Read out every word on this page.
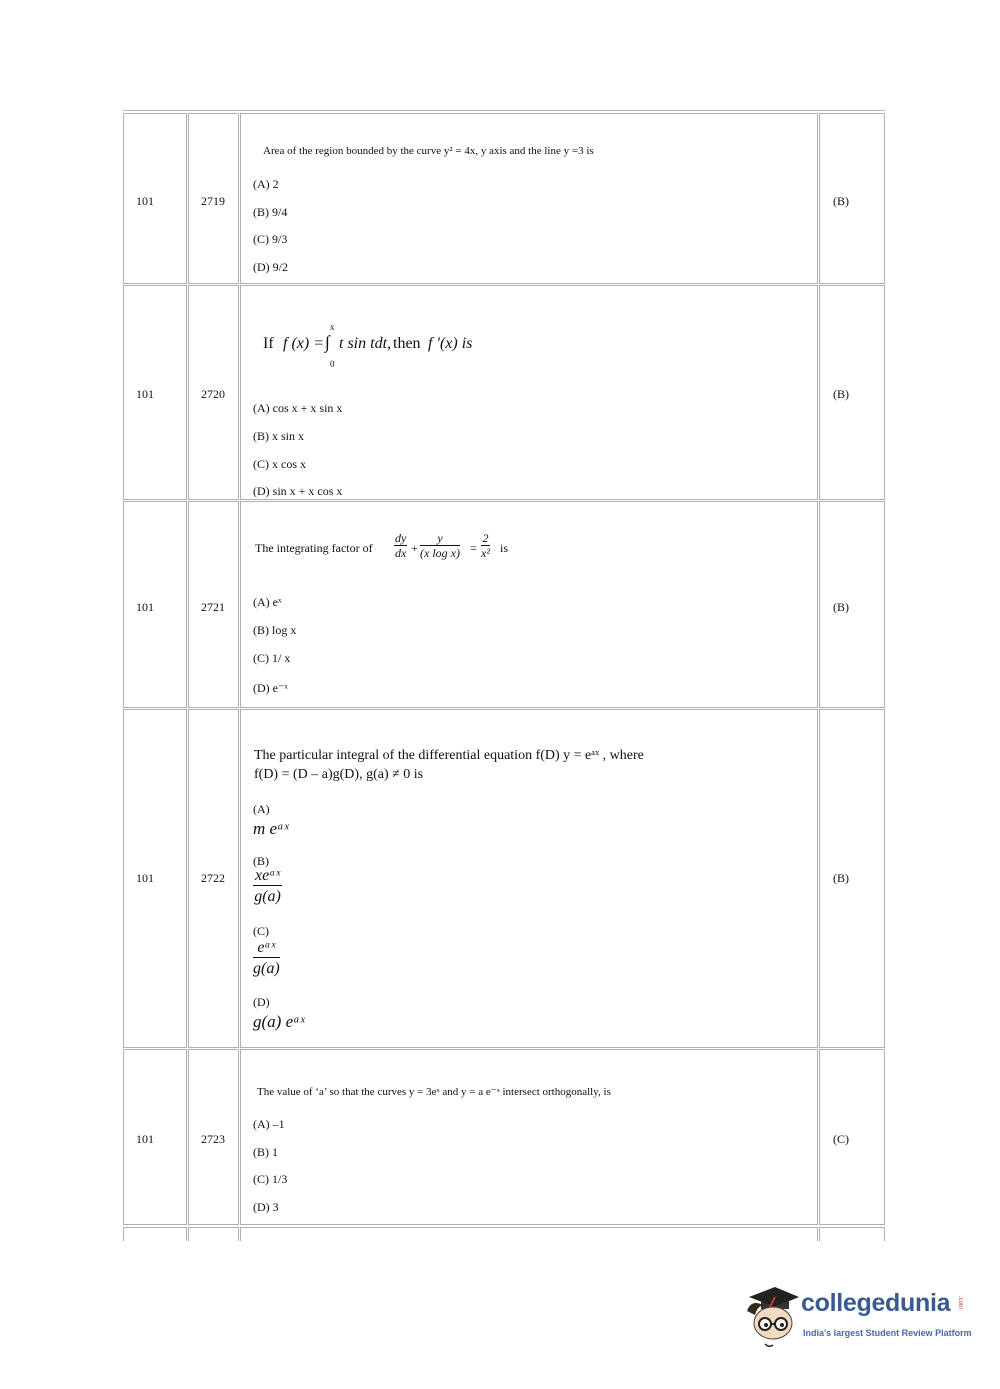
101	2719
Area of the region bounded by the curve y² = 4x, y axis and the line y =3 is
(A) 2
(B) 9/4
(C) 9/3
(D) 9/2
(B)
101	2720
If f (x) =
x
∫
0
t sin tdt, then f ′(x) is
(A) cos x + x sin x
(B) x sin x
(C) x cos x
(D) sin x + x cos x
(B)
101	2721
The integrating factor of
dy
dx +
y
(x log x) =
2
x² is
(A) eˣ
(B) log x
(C) 1/ x
(D) e⁻ˣ
(B)
101	2722
The particular integral of the differential equation f(D) y = eᵃˣ , where
f(D) = (D – a)g(D), g(a) ≠ 0 is
(A)
m eᵃˣ
(B)
xeᵃˣ
g(a)
(C)
eᵃˣ
g(a)
(D)
g(a) eᵃˣ
(B)
101	2723
The value of ‘a’ so that the curves y = 3eˣ and y = a e⁻ˣ intersect orthogonally, is
(A) –1
(B) 1
(C) 1/3
(D) 3
(C)
collegedunia .com
India's largest Student Review Platform
